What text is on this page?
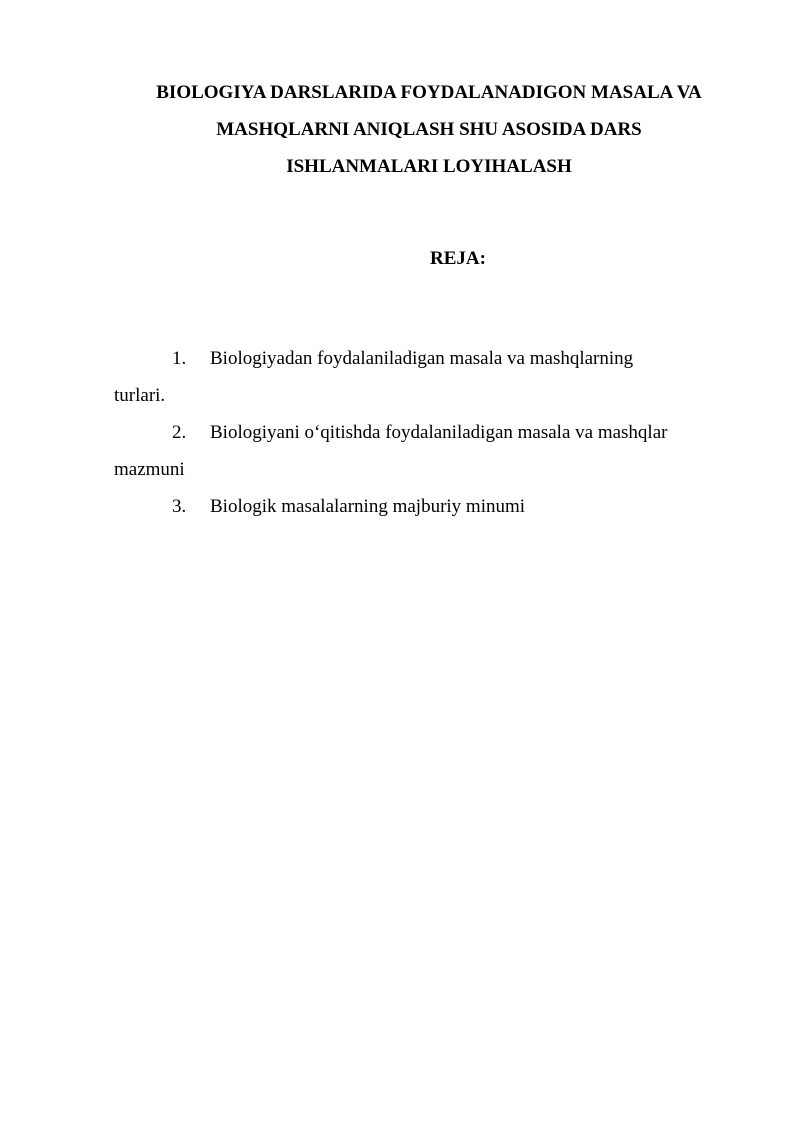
BIOLOGIYA DARSLARIDA FOYDALANADIGON MASALA VA
MASHQLARNI ANIQLASH SHU ASOSIDA DARS
ISHLANMALARI LOYIHALASH
REJA:
1. Biologiyadan foydalaniladigan masala va mashqlarning
turlari.
2. Biologiyani o‘qitishda foydalaniladigan masala va mashqlar
mazmuni
3. Biologik masalalarning majburiy minumi
